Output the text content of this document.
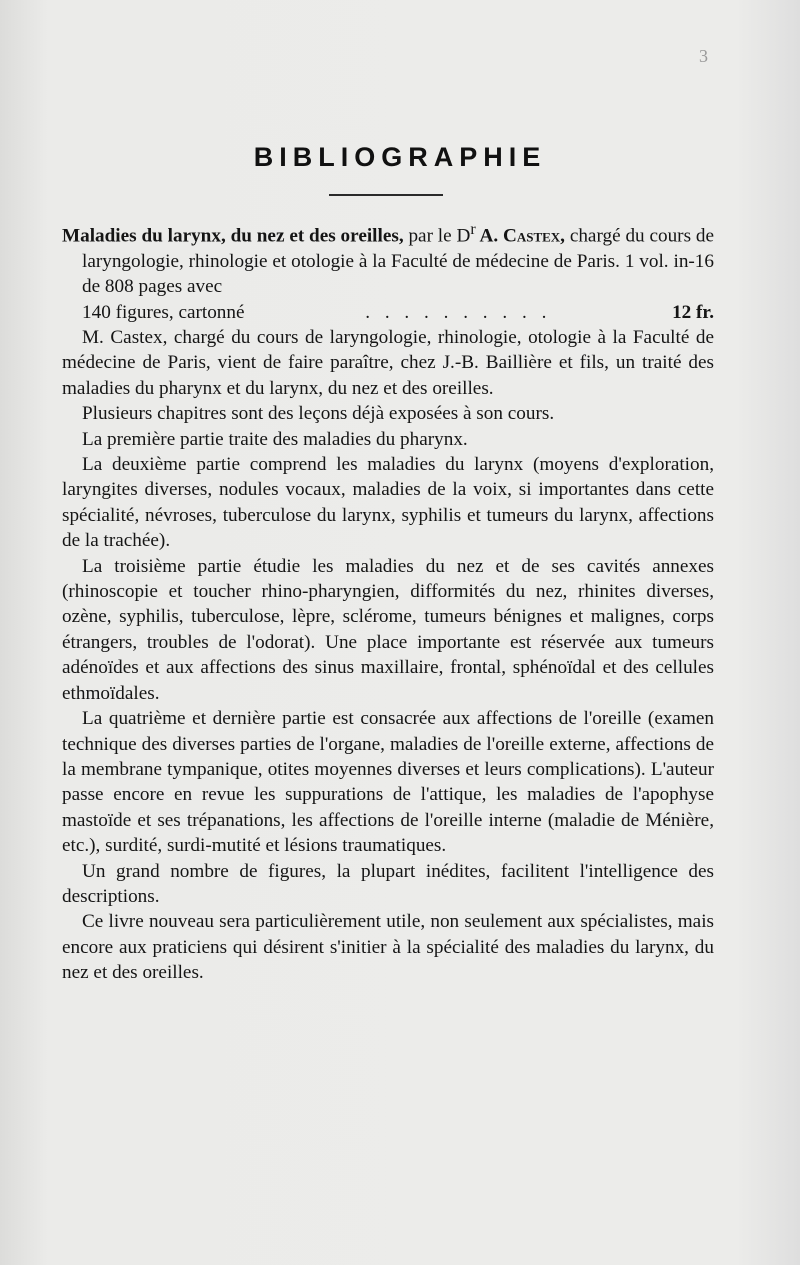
3
BIBLIOGRAPHIE

Maladies du larynx, du nez et des oreilles, par le $D^r$ A. Castex, chargé du cours de laryngologie, rhinologie et otologie à la Faculté de médecine de Paris. 1 vol. in-16 de 808 pages avec

140 figures, cartonné	. . . . . . . . . .	12 fr.

M. Castex, chargé du cours de laryngologie, rhinologie, otologie à la Faculté de médecine de Paris, vient de faire paraître, chez J.-B. Baillière et fils, un traité des maladies du pharynx et du larynx, du nez et des oreilles.

Plusieurs chapitres sont des leçons déjà exposées à son cours.

La première partie traite des maladies du pharynx.

La deuxième partie comprend les maladies du larynx (moyens d'exploration, laryngites diverses, nodules vocaux, maladies de la voix, si importantes dans cette spécialité, névroses, tuberculose du larynx, syphilis et tumeurs du larynx, affections de la trachée).

La troisième partie étudie les maladies du nez et de ses cavités annexes (rhinoscopie et toucher rhino-pharyngien, difformités du nez, rhinites diverses, ozène, syphilis, tuberculose, lèpre, sclérome, tumeurs bénignes et malignes, corps étrangers, troubles de l'odorat). Une place importante est réservée aux tumeurs adénoïdes et aux affections des sinus maxillaire, frontal, sphénoïdal et des cellules ethmoïdales.

La quatrième et dernière partie est consacrée aux affections de l'oreille (examen technique des diverses parties de l'organe, maladies de l'oreille externe, affections de la membrane tympanique, otites moyennes diverses et leurs complications). L'auteur passe encore en revue les suppurations de l'attique, les maladies de l'apophyse mastoïde et ses trépanations, les affections de l'oreille interne (maladie de Ménière, etc.), surdité, surdi-mutité et lésions traumatiques.

Un grand nombre de figures, la plupart inédites, facilitent l'intelligence des descriptions.

Ce livre nouveau sera particulièrement utile, non seulement aux spécialistes, mais encore aux praticiens qui désirent s'initier à la spécialité des maladies du larynx, du nez et des oreilles.
